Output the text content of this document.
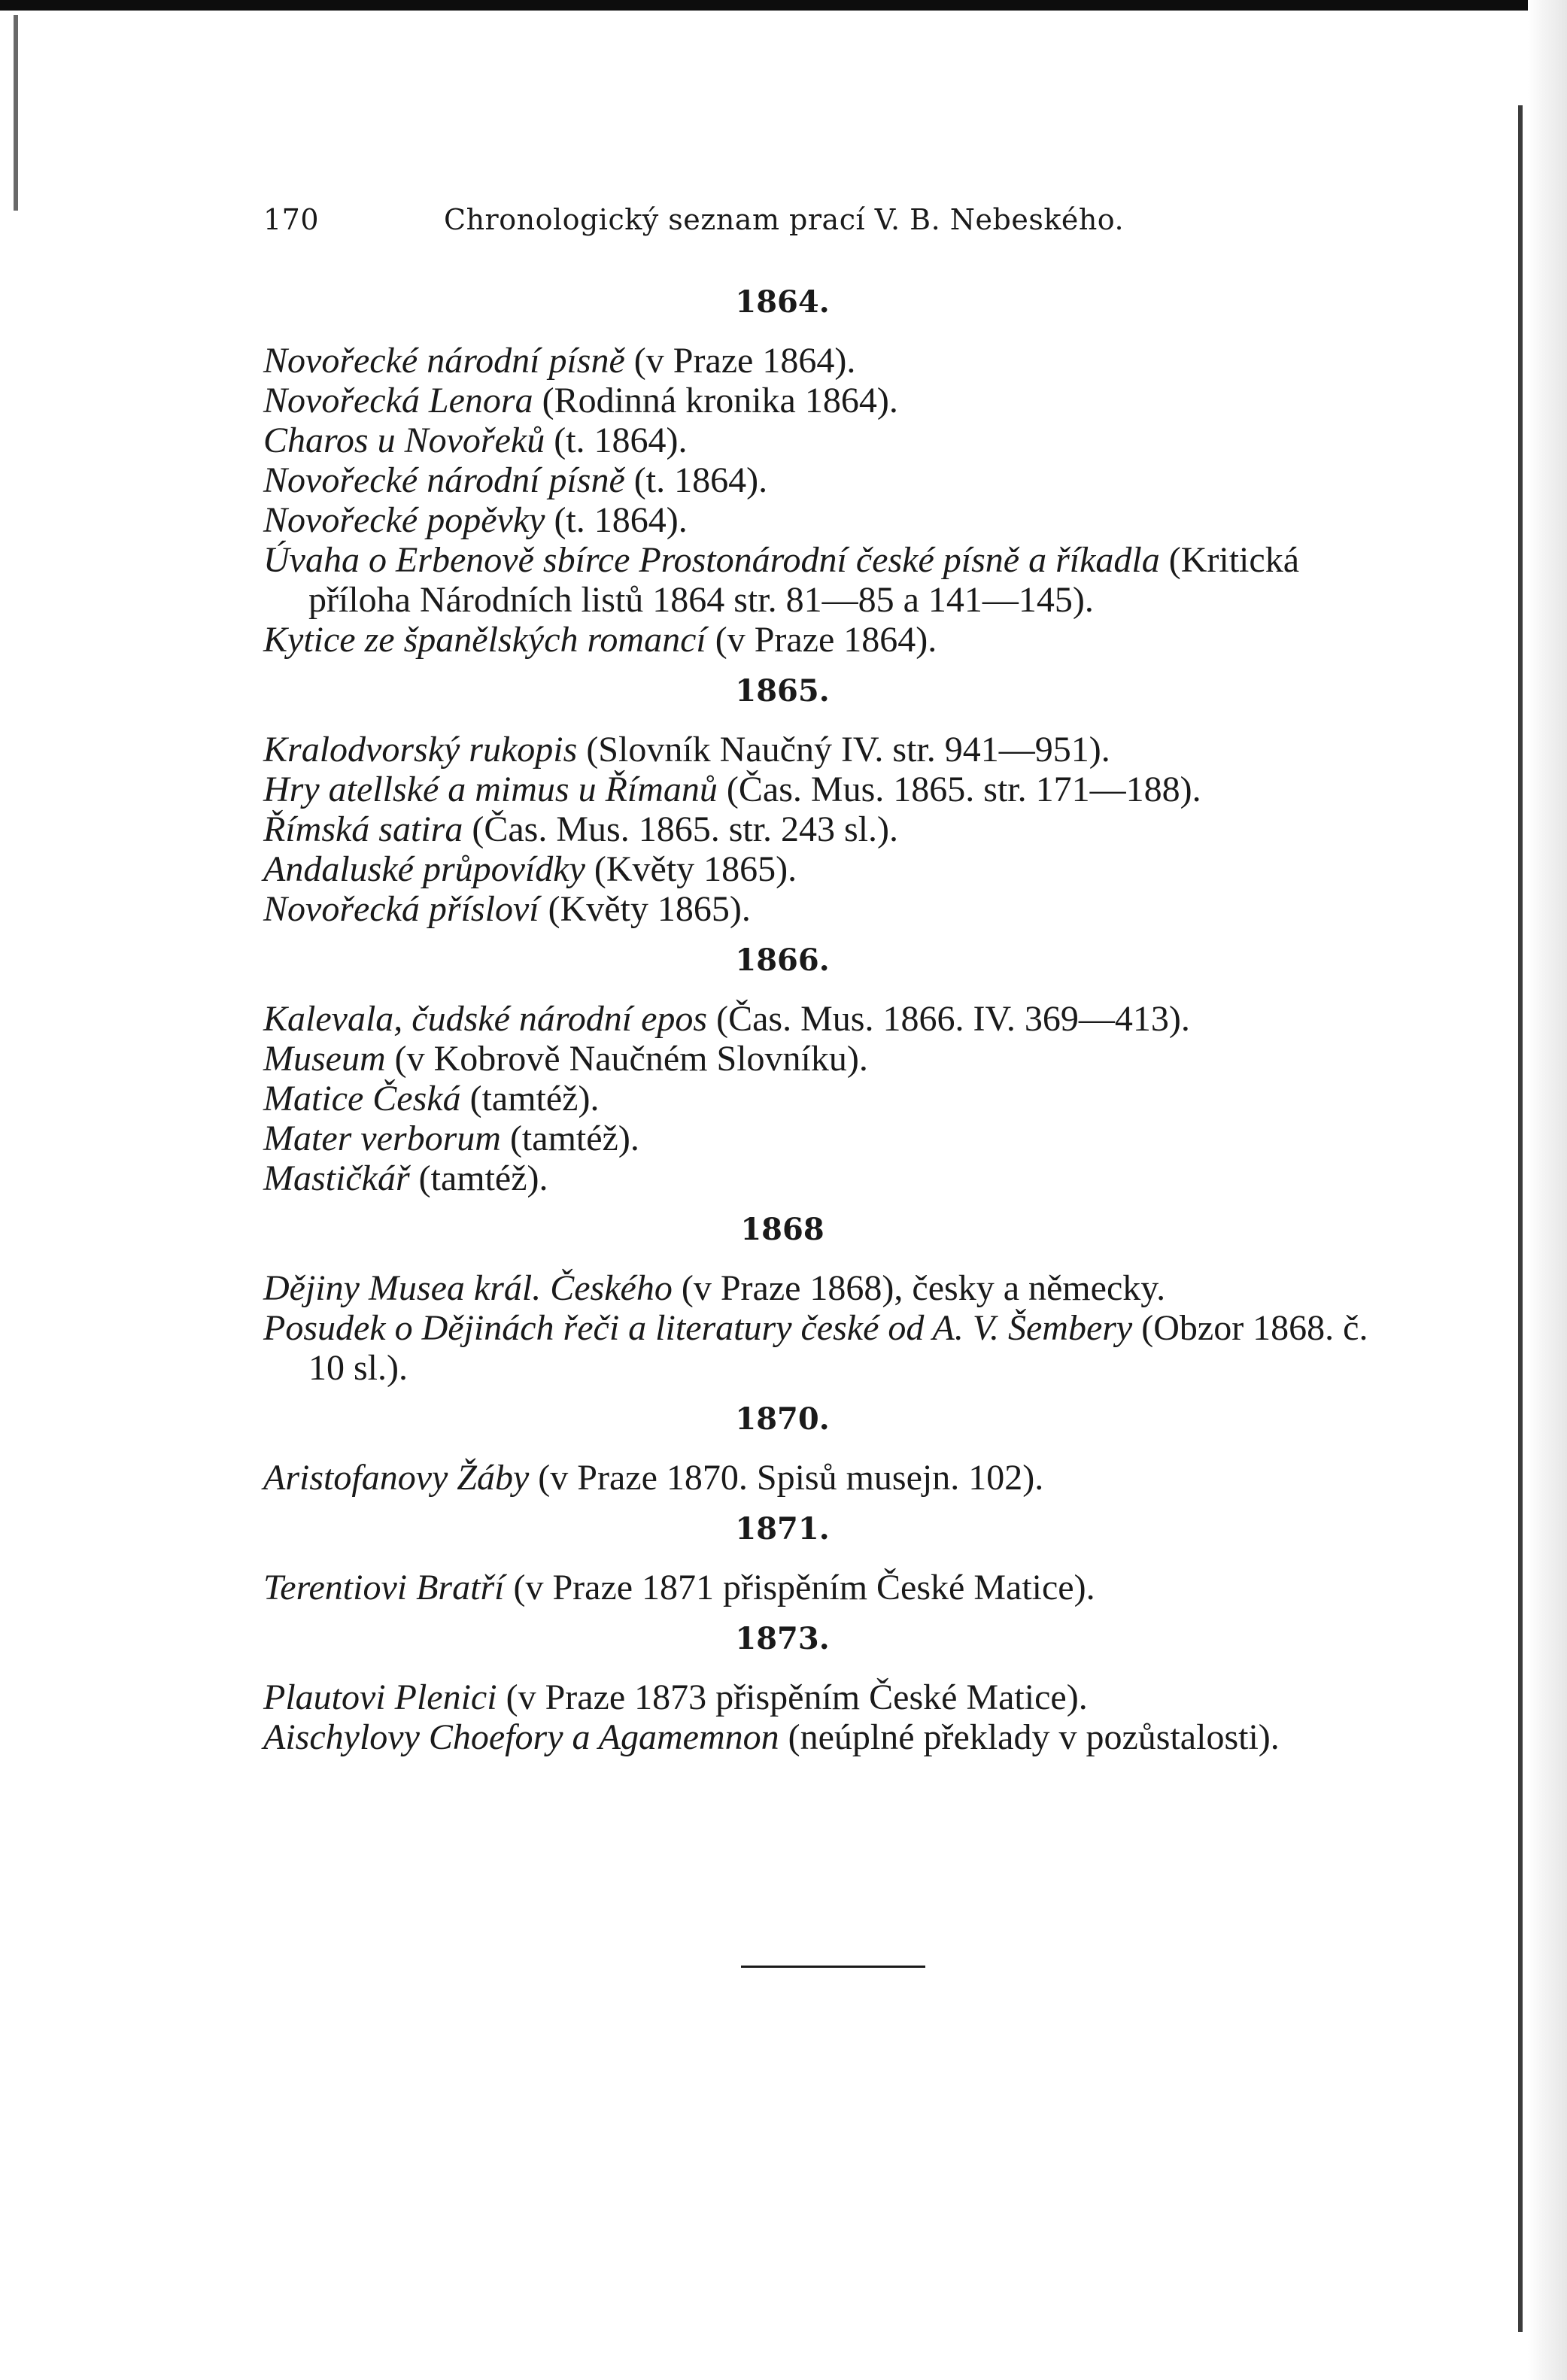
170	Chronologický seznam prací V. B. Nebeského.
1864.
Novořecké národní písně (v Praze 1864).
Novořecká Lenora (Rodinná kronika 1864).
Charos u Novořeků (t. 1864).
Novořecké národní písně (t. 1864).
Novořecké popěvky (t. 1864).
Úvaha o Erbenově sbírce Prostonárodní české písně a říkadla (Kritická příloha Národních listů 1864 str. 81—85 a 141—145).
Kytice ze španělských romancí (v Praze 1864).
1865.
Kralodvorský rukopis (Slovník Naučný IV. str. 941—951).
Hry atellské a mimus u Římanů (Čas. Mus. 1865. str. 171—188).
Římská satira (Čas. Mus. 1865. str. 243 sl.).
Andaluské průpovídky (Květy 1865).
Novořecká přísloví (Květy 1865).
1866.
Kalevala, čudské národní epos (Čas. Mus. 1866. IV. 369—413).
Museum (v Kobrově Naučném Slovníku).
Matice Česká (tamtéž).
Mater verborum (tamtéž).
Mastičkář (tamtéž).
1868
Dějiny Musea král. Českého (v Praze 1868), česky a německy.
Posudek o Dějinách řeči a literatury české od A. V. Šembery (Obzor 1868. č. 10 sl.).
1870.
Aristofanovy Žáby (v Praze 1870. Spisů musejn. 102).
1871.
Terentiovi Bratří (v Praze 1871 přispěním České Matice).
1873.
Plautovi Plenici (v Praze 1873 přispěním České Matice).
Aischylovy Choefory a Agamemnon (neúplné překlady v pozůstalosti).
